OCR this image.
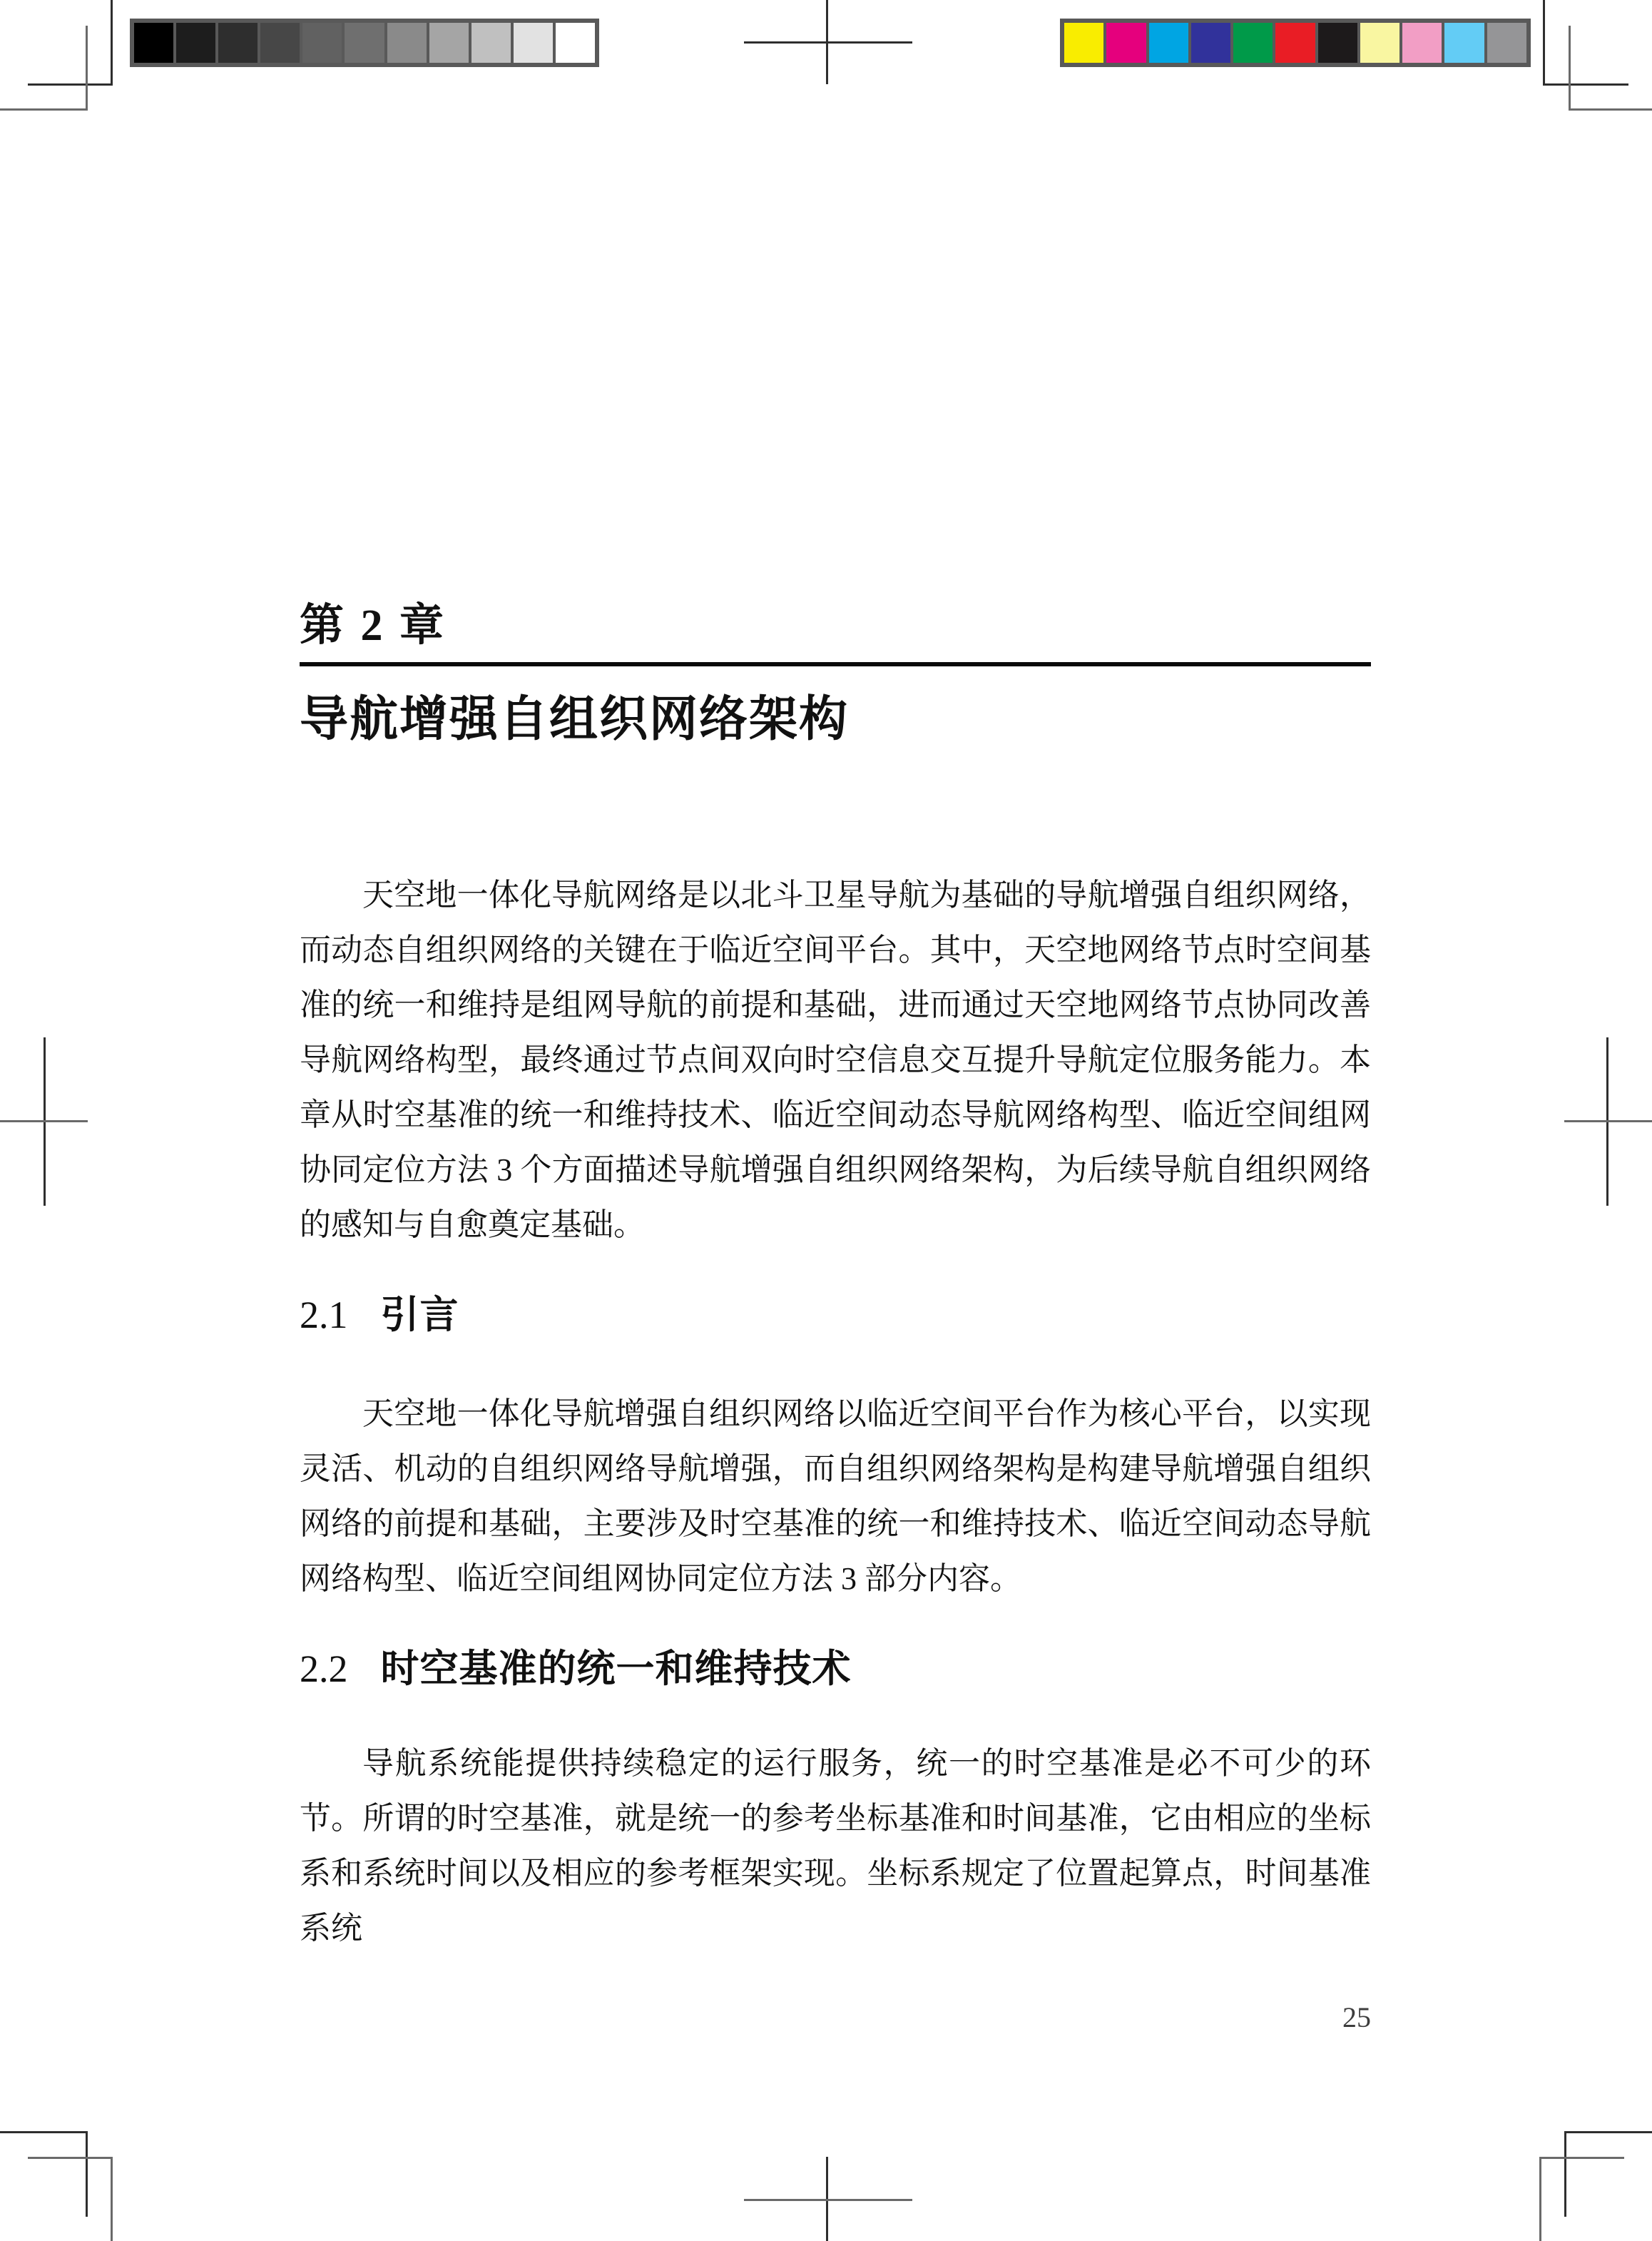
第 2 章
导航增强自组织网络架构
天空地一体化导航网络是以北斗卫星导航为基础的导航增强自组织网络，而动态自组织网络的关键在于临近空间平台。其中，天空地网络节点时空间基准的统一和维持是组网导航的前提和基础，进而通过天空地网络节点协同改善导航网络构型，最终通过节点间双向时空信息交互提升导航定位服务能力。本章从时空基准的统一和维持技术、临近空间动态导航网络构型、临近空间组网协同定位方法 3 个方面描述导航增强自组织网络架构，为后续导航自组织网络的感知与自愈奠定基础。
2.1 引言
天空地一体化导航增强自组织网络以临近空间平台作为核心平台，以实现灵活、机动的自组织网络导航增强，而自组织网络架构是构建导航增强自组织网络的前提和基础，主要涉及时空基准的统一和维持技术、临近空间动态导航网络构型、临近空间组网协同定位方法 3 部分内容。
2.2 时空基准的统一和维持技术
导航系统能提供持续稳定的运行服务，统一的时空基准是必不可少的环节。所谓的时空基准，就是统一的参考坐标基准和时间基准，它由相应的坐标系和系统时间以及相应的参考框架实现。坐标系规定了位置起算点，时间基准系统
25
